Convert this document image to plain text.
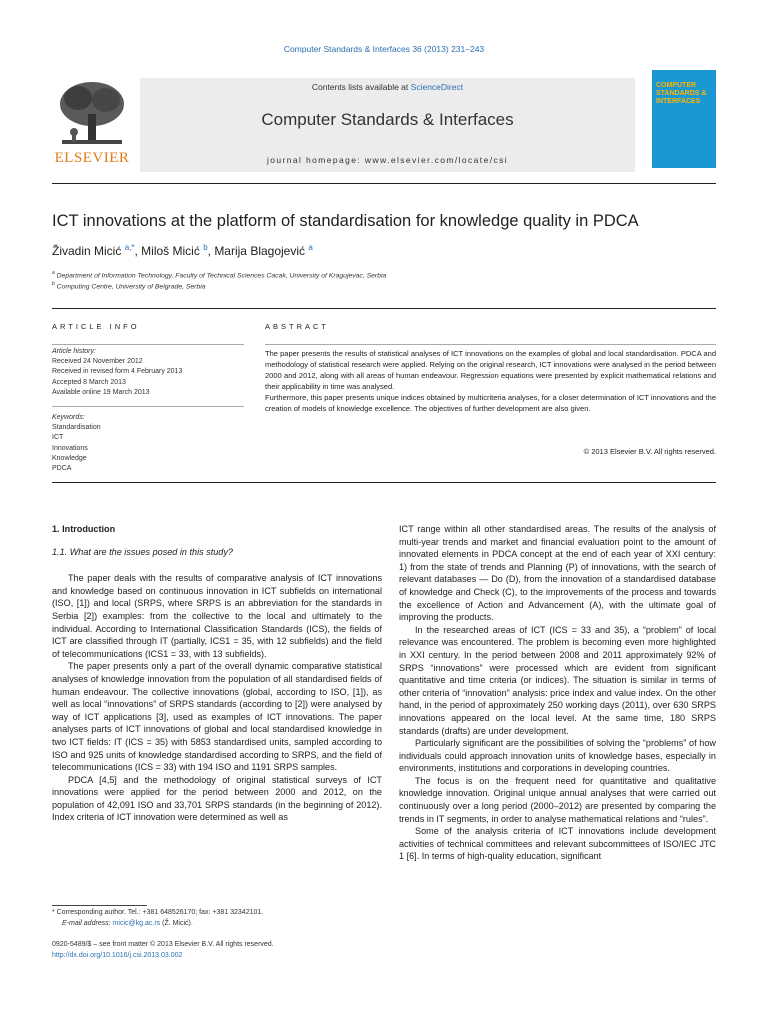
Computer Standards & Interfaces 36 (2013) 231–243
ELSEVIER
Contents lists available at ScienceDirect
Computer Standards & Interfaces
journal homepage: www.elsevier.com/locate/csi
COMPUTER STANDARDS & INTERFACES
ICT innovations at the platform of standardisation for knowledge quality in PDCA
Živadin Micić $^{a,*}$, Miloš Micić $^b$, Marija Blagojević $^a$
$^a$ Department of Information Technology, Faculty of Technical Sciences Cacak, University of Kragujevac, Serbia
$^b$ Computing Centre, University of Belgrade, Serbia
ARTICLE INFO	ABSTRACT
Article history:
Received 24 November 2012
Received in revised form 4 February 2013
Accepted 8 March 2013
Available online 19 March 2013
Keywords:
Standardisation
ICT
Innovations
Knowledge
PDCA
The paper presents the results of statistical analyses of ICT innovations on the examples of global and local standardisation. PDCA and methodology of statistical research were applied. Relying on the original research, ICT innovations were analysed in the period between 2000 and 2012, along with all areas of human endeavour. Regression equations were presented by explicit mathematical relations and their applicability in time was analysed.
Furthermore, this paper presents unique indices obtained by multicriteria analyses, for a closer determination of ICT innovations and the creation of models of knowledge excellence. The objectives of further development are also given.
© 2013 Elsevier B.V. All rights reserved.
1. Introduction
1.1. What are the issues posed in this study?

The paper deals with the results of comparative analysis of ICT innovations and knowledge based on continuous innovation in ICT subfields on international (ISO, [1]) and local (SRPS, where SRPS is an abbreviation for the standards in Serbia [2]) examples: from the collective to the local and ultimately to the individual. According to International Classification Standards (ICS), the fields of ICT are classified through IT (partially, ICS1 = 35, with 12 subfields) and the field of telecommunications (ICS1 = 33, with 13 subfields).

The paper presents only a part of the overall dynamic comparative statistical analyses of knowledge innovation from the population of all standardised fields of human endeavour. The collective innovations (global, according to ISO, [1]), as well as local “innovations” of SRPS standards (according to [2]) were analysed by way of ICT applications [3], used as examples of ICT innovations. The paper analyses parts of ICT innovations of global and local standardised knowledge in two ICT fields: IT (ICS = 35) with 5853 standardised units, sampled according to ISO and 925 units of knowledge standardised according to SRPS, and the field of telecommunications (ICS = 33) with 194 ISO and 1191 SRPS samples.

PDCA [4,5] and the methodology of original statistical surveys of ICT innovations were applied for the period between 2000 and 2012, on the population of 42,091 ISO and 33,701 SRPS standards (in the beginning of 2012). Index criteria of ICT innovation were determined as well as

ICT range within all other standardised areas. The results of the analysis of multi-year trends and market and financial evaluation point to the amount of innovated elements in PDCA concept at the end of each year of XXI century: 1) from the state of trends and Planning (P) of innovations, with the search of relevant databases — Do (D), from the innovation of a standardised database of knowledge and Check (C), to the improvements of the process and towards the excellence of Action and Advancement (A), with the ultimate goal of improving the products.

In the researched areas of ICT (ICS = 33 and 35), a “problem” of local relevance was encountered. The problem is becoming even more highlighted in XXI century. In the period between 2008 and 2011 approximately 92% of SRPS “innovations” were processed which are evident from significant quantitative and time criteria (or indices). The situation is similar in terms of other criteria of “innovation” analysis: price index and value index. On the other hand, in the period of approximately 250 working days (2011), over 630 SRPS innovations appeared on the local level. At the same time, 180 SRPS standards (drafts) are under development.

Particularly significant are the possibilities of solving the “problems” of how individuals could approach innovation units of knowledge bases, especially in environments, institutions and corporations in developing countries.

The focus is on the frequent need for quantitative and qualitative knowledge innovation. Original unique annual analyses that were carried out continuously over a long period (2000–2012) are presented by comparing the trends in IT segments, in order to analyse mathematical relations and “rules”.

Some of the analysis criteria of ICT innovations include development activities of technical committees and relevant subcommittees of ISO/IEC JTC 1 [6]. In terms of high-quality education, significant

* Corresponding author. Tel.: +381 648526170; fax: +381 32342101.
E-mail address: micic@kg.ac.rs (Ž. Micić).
0920-5489/$ – see front matter © 2013 Elsevier B.V. All rights reserved.
http://dx.doi.org/10.1016/j.csi.2013.03.002
